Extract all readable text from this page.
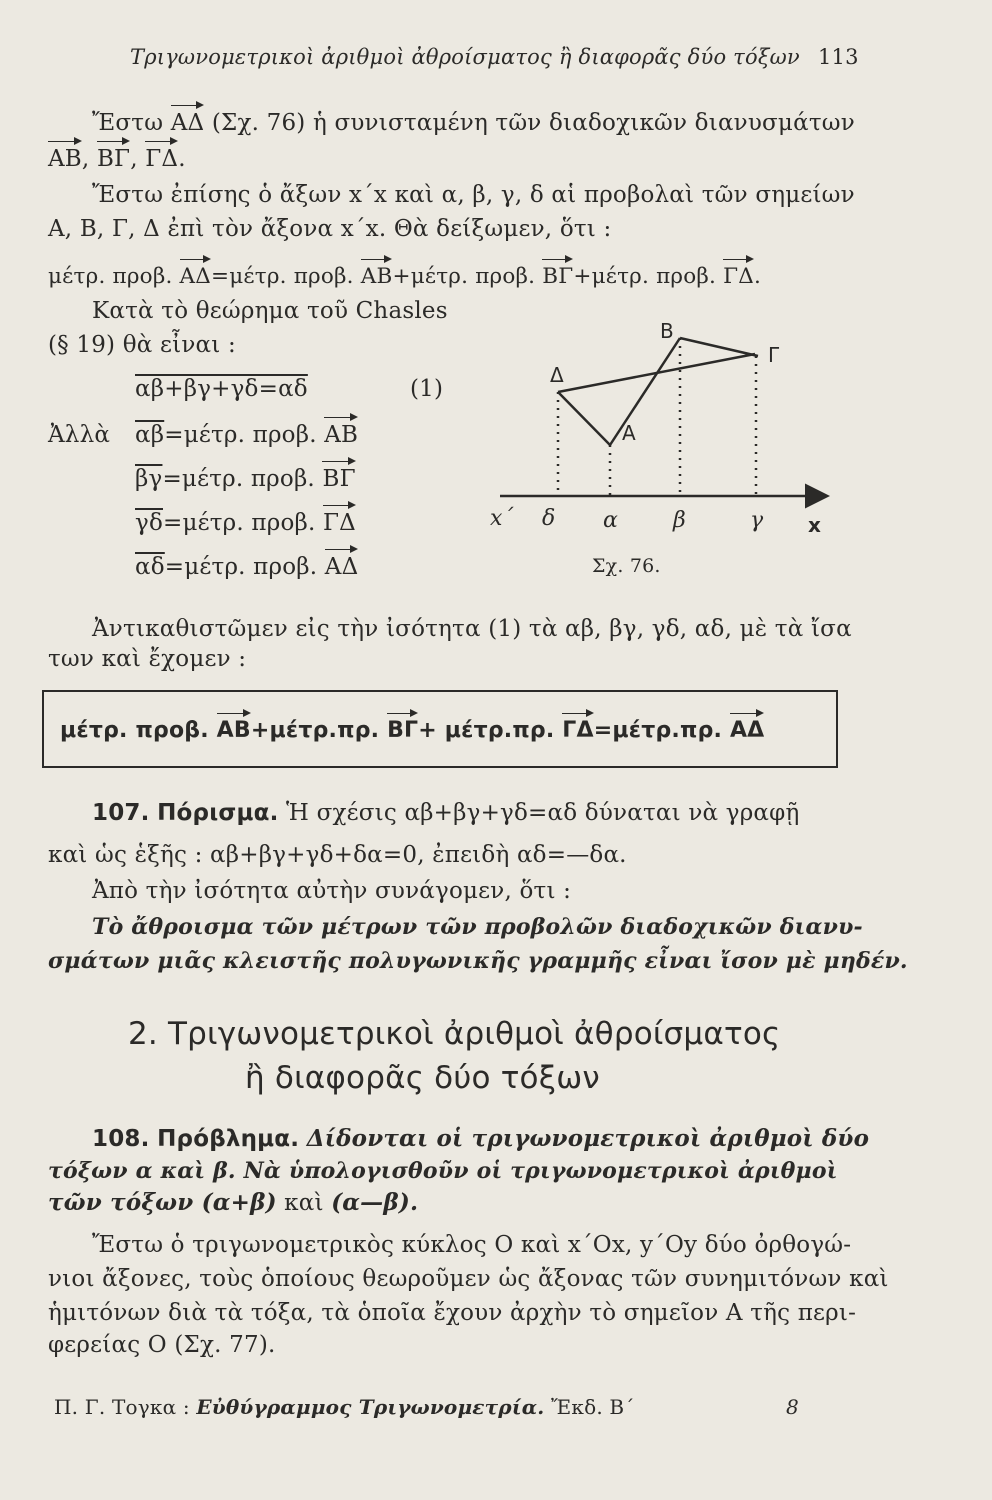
Τριγωνομετρικοὶ ἀριθμοὶ ἀθροίσματος ἢ διαφορᾶς δύο τόξων 113
Ἔστω ΑΔ (Σχ. 76) ἡ συνισταμένη τῶν διαδοχικῶν διανυσμάτων
ΑΒ, ΒΓ, ΓΔ.
Ἔστω ἐπίσης ὁ ἄξων x΄x καὶ α, β, γ, δ αἱ προβολαὶ τῶν σημείων
Α, Β, Γ, Δ ἐπὶ τὸν ἄξονα x΄x. Θὰ δείξωμεν, ὅτι :
μέτρ. προβ. ΑΔ=μέτρ. προβ. ΑΒ+μέτρ. προβ. ΒΓ+μέτρ. προβ. ΓΔ.
Κατὰ τὸ θεώρημα τοῦ Chasles
(§ 19) θὰ εἶναι :
αβ+βγ+γδ=αδ	(1)
Ἀλλὰ $\overline{\alpha\beta}=\mu έ\tau\rho$. προβ. ΑΒ
$\overline{\beta\gamma}=\mu έ\tau\rho$. προβ. ΒΓ
$\overline{\gamma\delta}=\mu έ\tau\rho$. προβ. ΓΔ
$\overline{\alpha\delta}=\mu έ\tau\rho$. προβ. ΑΔ
Β
Γ
Δ
Α
x΄ δ α	β	γ x
Σχ. 76.
Ἀντικαθιστῶμεν εἰς τὴν ἰσότητα (1) τὰ αβ, βγ, γδ, αδ, μὲ τὰ ἴσα
των καὶ ἔχομεν :
μέτρ. προβ. ΑΒ+μέτρ.πρ. ΒΓ+ μέτρ.πρ. ΓΔ=μέτρ.πρ. ΑΔ
107. Πόρισμα. Ἡ σχέσις αβ+βγ+γδ=αδ δύναται νὰ γραφῇ
καὶ ὡς ἑξῆς : αβ+βγ+γδ+δα=0, ἐπειδὴ αδ=—δα.
Ἀπὸ τὴν ἰσότητα αὐτὴν συνάγομεν, ὅτι :
Τὸ ἄθροισμα τῶν μέτρων τῶν προβολῶν διαδοχικῶν διανυ-
σμάτων μιᾶς κλειστῆς πολυγωνικῆς γραμμῆς εἶναι ἴσον μὲ μηδέν.
2. Τριγωνομετρικοὶ ἀριθμοὶ ἀθροίσματος
ἢ διαφορᾶς δύο τόξων
108. Πρόβλημα. Δίδονται οἱ τριγωνομετρικοὶ ἀριθμοὶ δύο
τόξων α καὶ β. Νὰ ὑπολογισθοῦν οἱ τριγωνομετρικοὶ ἀριθμοὶ
τῶν τόξων (α+β) καὶ (α—β).
Ἔστω ὁ τριγωνομετρικὸς κύκλος Ο καὶ x΄Ox, y΄Oy δύο ὀρθογώ-
νιοι ἄξονες, τοὺς ὁποίους θεωροῦμεν ὡς ἄξονας τῶν συνημιτόνων καὶ
ἡμιτόνων διὰ τὰ τόξα, τὰ ὁποῖα ἔχουν ἀρχὴν τὸ σημεῖον Α τῆς περι-
φερείας Ο (Σχ. 77).
Π. Γ. Τογκα : Εὐθύγραμμος Τριγωνομετρία. Ἔκδ. Β΄	8
